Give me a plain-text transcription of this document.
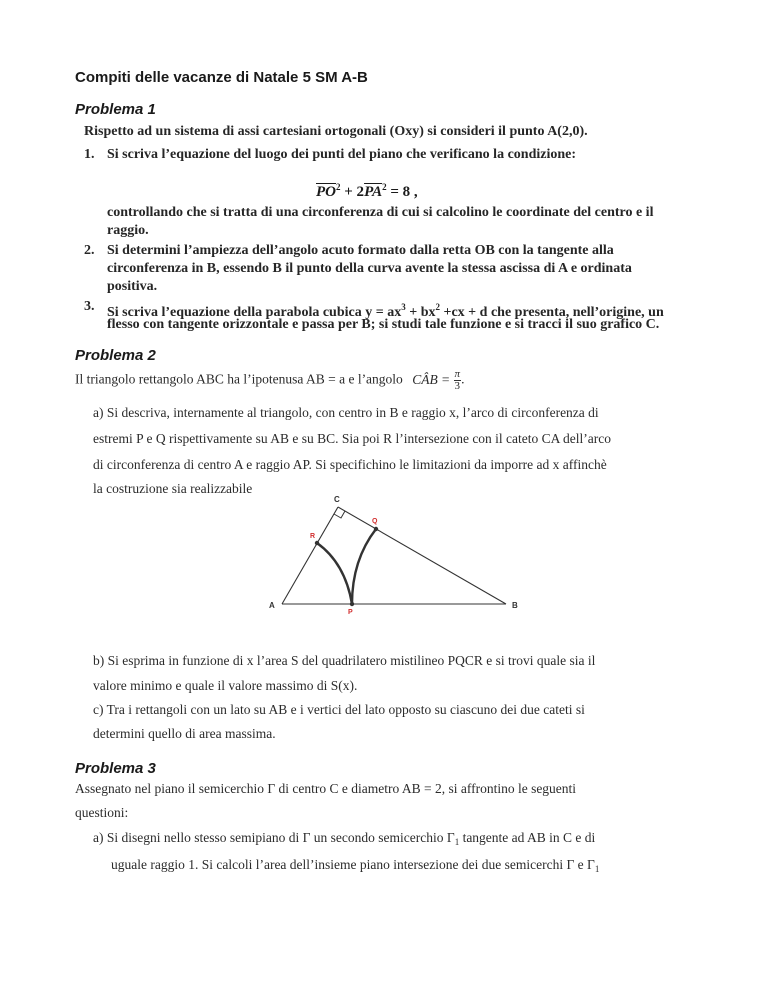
Compiti delle vacanze di Natale 5 SM A-B
Problema 1
Rispetto ad un sistema di assi cartesiani ortogonali (Oxy) si consideri il punto A(2,0).
1. Si scriva l’equazione del luogo dei punti del piano che verificano la condizione:
$\overline{PO}^2 + 2\overline{PA}^2 = 8$ ,
controllando che si tratta di una circonferenza di cui si calcolino le coordinate del centro e il
raggio.
2. Si determini l’ampiezza dell’angolo acuto formato dalla retta OB con la tangente alla
circonferenza in B, essendo B il punto della curva avente la stessa ascissa di A e ordinata
positiva.
3. Si scriva l’equazione della parabola cubica $y = ax^3 + bx^2 +cx + d$ che presenta, nell’origine, un
flesso con tangente orizzontale e passa per B; si studi tale funzione e si tracci il suo grafico C.
Problema 2
Il triangolo rettangolo ABC ha l’ipotenusa AB = a e l’angolo CÂB = $\frac{\pi}{3}$ .
a) Si descriva, internamente al triangolo, con centro in B e raggio x, l’arco di circonferenza di
estremi P e Q rispettivamente su AB e su BC. Sia poi R l’intersezione con il cateto CA dell’arco
di circonferenza di centro A e raggio AP. Si specifichino le limitazioni da imporre ad x affinchè
la costruzione sia realizzabile
A	B
C
P
Q
R
b) Si esprima in funzione di x l’area S del quadrilatero mistilineo PQCR e si trovi quale sia il
valore minimo e quale il valore massimo di S(x).
c) Tra i rettangoli con un lato su AB e i vertici del lato opposto su ciascuno dei due cateti si
determini quello di area massima.
Problema 3
Assegnato nel piano il semicerchio Γ di centro C e diametro AB = 2, si affrontino le seguenti
questioni:
a) Si disegni nello stesso semipiano di Γ un secondo semicerchio $\Gamma_1$ tangente ad AB in C e di
uguale raggio 1. Si calcoli l’area dell’insieme piano intersezione dei due semicerchi Γ e $\Gamma_1$
